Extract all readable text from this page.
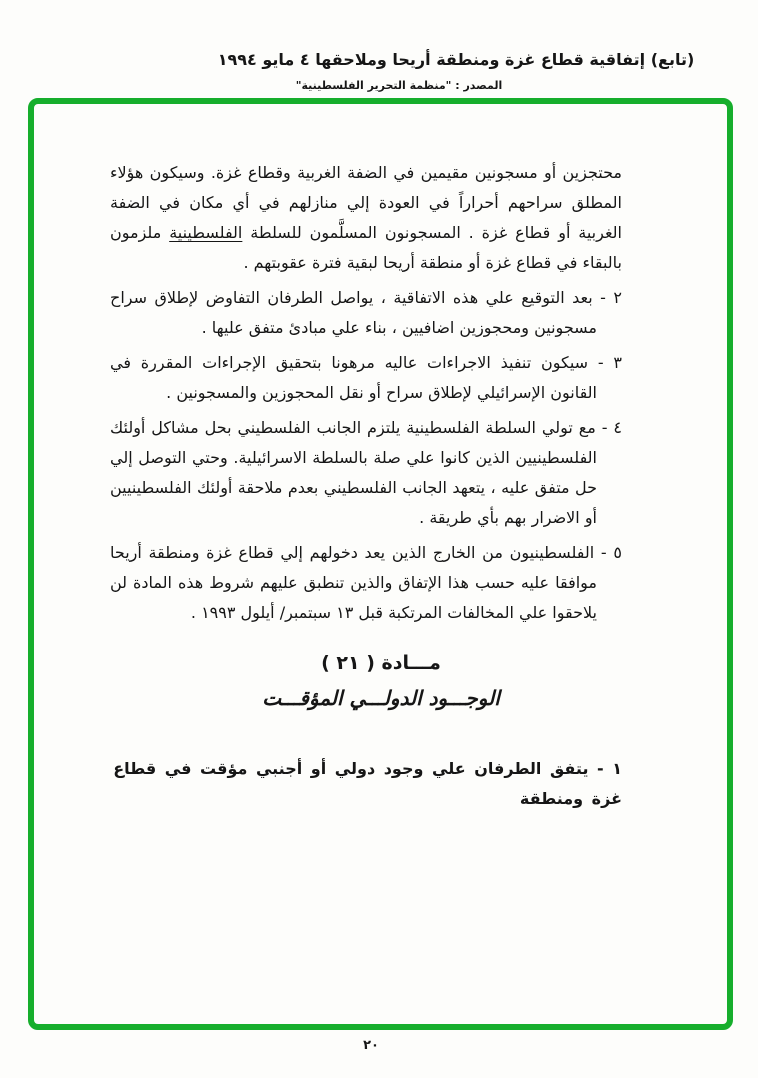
(تابع) إتفاقية قطاع غزة ومنطقة أريحا وملاحقها ٤ مايو ١٩٩٤
المصدر : "منظمة التحرير الفلسطينية"

محتجزين أو مسجونين مقيمين في الضفة الغربية وقطاع غزة. وسيكون هؤلاء المطلق سراحهم أحراراً في العودة إلي منازلهم في أي مكان في الضفة الغربية أو قطاع غزة . المسجونون المسلَّمون للسلطة الفلسطينية ملزمون بالبقاء في قطاع غزة أو منطقة أريحا لبقية فترة عقوبتهم .

٢ - بعد التوقيع علي هذه الاتفاقية ، يواصل الطرفان التفاوض لإطلاق سراح مسجونين ومحجوزين اضافيين ، بناء علي مبادئ متفق عليها .

٣ - سيكون تنفيذ الاجراءات عاليه مرهونا بتحقيق الإجراءات المقررة في القانون الإسرائيلي لإطلاق سراح أو نقل المحجوزين والمسجونين .

٤ - مع تولي السلطة الفلسطينية يلتزم الجانب الفلسطيني بحل مشاكل أولئك الفلسطينيين الذين كانوا علي صلة بالسلطة الاسرائيلية. وحتي التوصل إلي حل متفق عليه ، يتعهد الجانب الفلسطيني بعدم ملاحقة أولئك الفلسطينيين أو الاضرار بهم بأي طريقة .

٥ - الفلسطينيون من الخارج الذين يعد دخولهم إلي قطاع غزة ومنطقة أريحا موافقا عليه حسب هذا الإتفاق والذين تنطبق عليهم شروط هذه المادة لن يلاحقوا علي المخالفات المرتكبة قبل ١٣ سبتمبر/ أيلول ١٩٩٣ .

مـــادة ( ٢١ )
الوجـــود الدولـــي المؤقـــت

١ - يتفق الطرفان علي وجود دولي أو أجنبي مؤقت في قطاع غزة ومنطقة

٢٠
